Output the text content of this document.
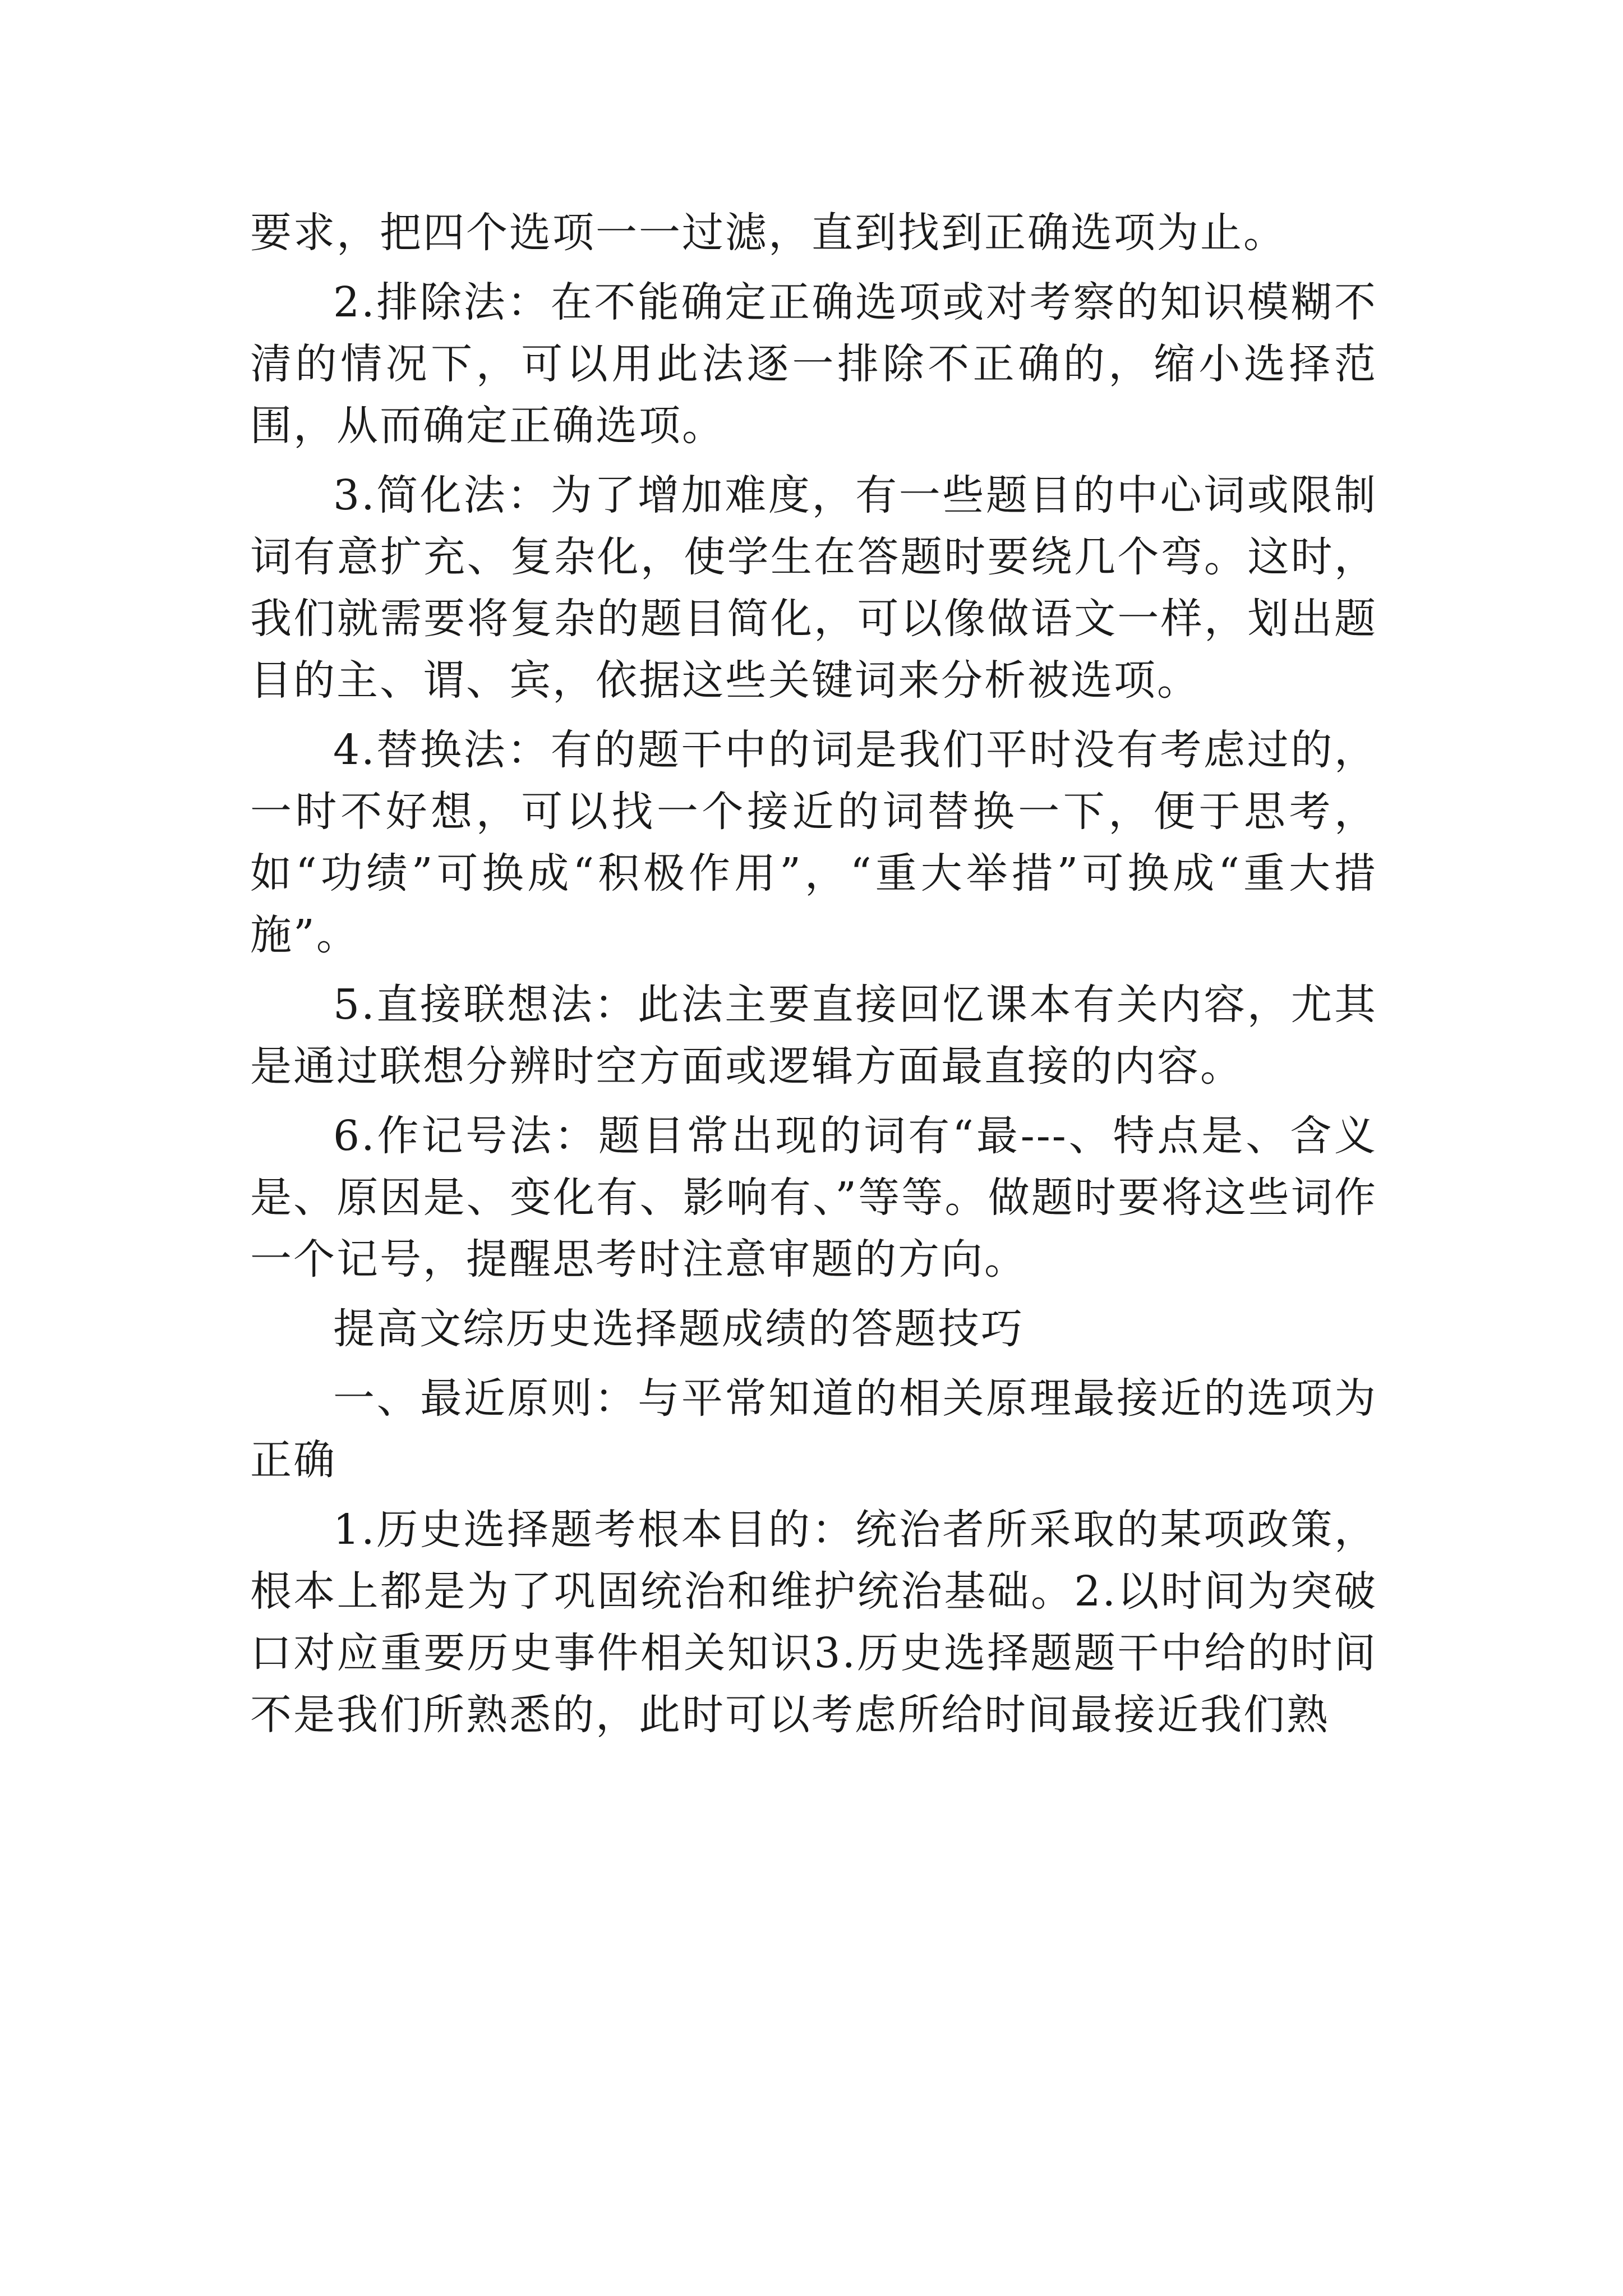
要求，把四个选项一一过滤，直到找到正确选项为止。

2.排除法：在不能确定正确选项或对考察的知识模糊不清的情况下，可以用此法逐一排除不正确的，缩小选择范围，从而确定正确选项。

3.简化法：为了增加难度，有一些题目的中心词或限制词有意扩充、复杂化，使学生在答题时要绕几个弯。这时，我们就需要将复杂的题目简化，可以像做语文一样，划出题目的主、谓、宾，依据这些关键词来分析被选项。

4.替换法：有的题干中的词是我们平时没有考虑过的，一时不好想，可以找一个接近的词替换一下，便于思考，如“功绩”可换成“积极作用”，“重大举措”可换成“重大措施”。

5.直接联想法：此法主要直接回忆课本有关内容，尤其是通过联想分辨时空方面或逻辑方面最直接的内容。

6.作记号法：题目常出现的词有“最---、特点是、含义是、原因是、变化有、影响有、”等等。做题时要将这些词作一个记号，提醒思考时注意审题的方向。

提高文综历史选择题成绩的答题技巧

一、最近原则：与平常知道的相关原理最接近的选项为正确

1.历史选择题考根本目的：统治者所采取的某项政策，根本上都是为了巩固统治和维护统治基础。2.以时间为突破口对应重要历史事件相关知识3.历史选择题题干中给的时间不是我们所熟悉的，此时可以考虑所给时间最接近我们熟
